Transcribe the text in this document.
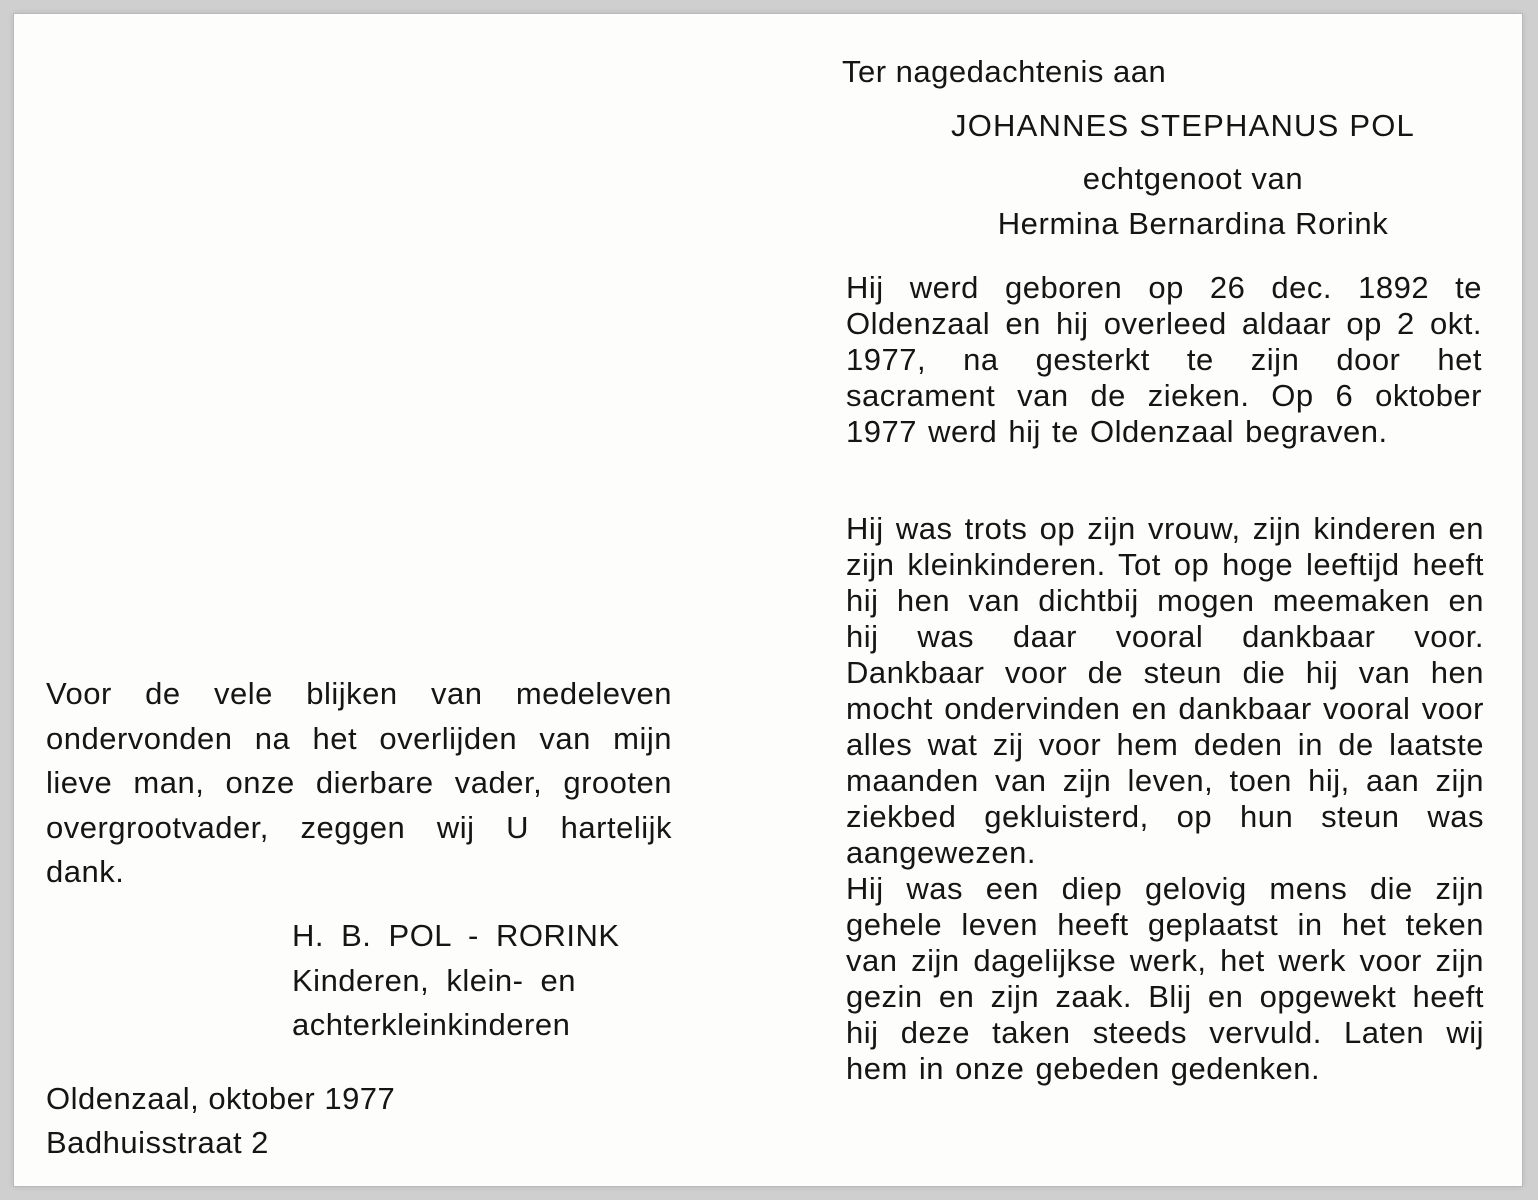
Voor de vele blijken van medeleven ondervonden na het overlijden van mijn lieve man, onze dierbare vader, grooten overgrootvader, zeggen wij U hartelijk dank.

H. B. POL - RORINK
Kinderen, klein- en
achterkleinkinderen
Oldenzaal, oktober 1977
Badhuisstraat 2
Ter nagedachtenis aan
JOHANNES STEPHANUS POL
echtgenoot van
Hermina Bernardina Rorink

Hij werd geboren op 26 dec. 1892 te Oldenzaal en hij overleed aldaar op 2 okt. 1977, na gesterkt te zijn door het sacrament van de zieken. Op 6 oktober 1977 werd hij te Oldenzaal begraven.

Hij was trots op zijn vrouw, zijn kinderen en zijn kleinkinderen. Tot op hoge leeftijd heeft hij hen van dichtbij mogen meemaken en hij was daar vooral dankbaar voor. Dankbaar voor de steun die hij van hen mocht ondervinden en dankbaar vooral voor alles wat zij voor hem deden in de laatste maanden van zijn leven, toen hij, aan zijn ziekbed gekluisterd, op hun steun was aangewezen.

Hij was een diep gelovig mens die zijn gehele leven heeft geplaatst in het teken van zijn dagelijkse werk, het werk voor zijn gezin en zijn zaak. Blij en opgewekt heeft hij deze taken steeds vervuld. Laten wij hem in onze gebeden gedenken.
